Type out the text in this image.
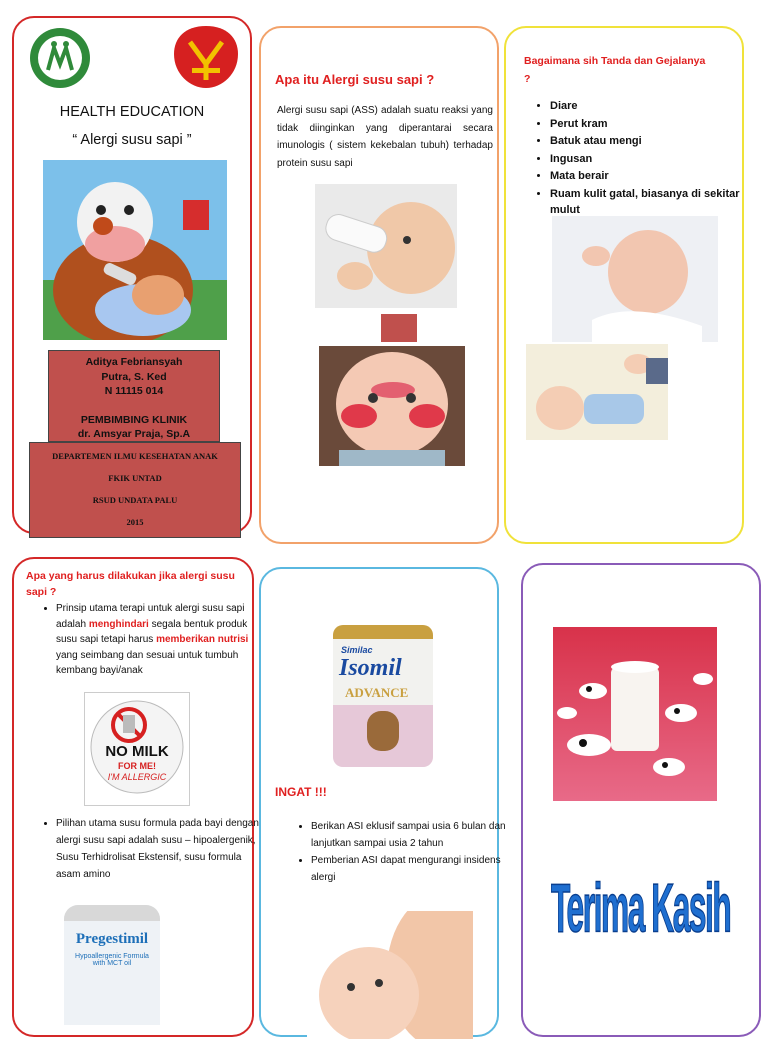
HEALTH EDUCATION
“ Alergi susu sapi ”
Aditya Febriansyah
Putra, S. Ked
N 11115 014
PEMBIMBING KLINIK
dr. Amsyar Praja, Sp.A
DEPARTEMEN ILMU KESEHATAN ANAK
FKIK UNTAD
RSUD UNDATA PALU
2015
Apa itu Alergi susu sapi ?
Alergi susu sapi (ASS) adalah suatu reaksi yang tidak diinginkan yang diperantarai secara imunologis ( sistem kekebalan tubuh) terhadap protein susu sapi
Bagaimana sih Tanda dan Gejalanya ?
• Diare
• Perut kram
• Batuk atau mengi
• Ingusan
• Mata berair
• Ruam kulit gatal, biasanya di sekitar mulut
Apa yang harus dilakukan jika alergi susu sapi ?
• Prinsip utama terapi untuk alergi susu sapi adalah menghindari segala bentuk produk susu sapi tetapi harus memberikan nutrisi yang seimbang dan sesuai untuk tumbuh kembang bayi/anak
NO MILK
FOR ME!
I'M ALLERGIC
• Pilihan utama susu formula pada bayi dengan alergi susu sapi adalah susu – hipoalergenik, Susu Terhidrolisat Ekstensif, susu formula asam amino
Pregestimil
Hypoallergenic Formula with MCT oil
Similac
Isomil
ADVANCE
INGAT !!!
• Berikan ASI eklusif sampai usia 6 bulan dan lanjutkan sampai usia 2 tahun
• Pemberian ASI dapat mengurangi insidens alergi	Terima Kasih
